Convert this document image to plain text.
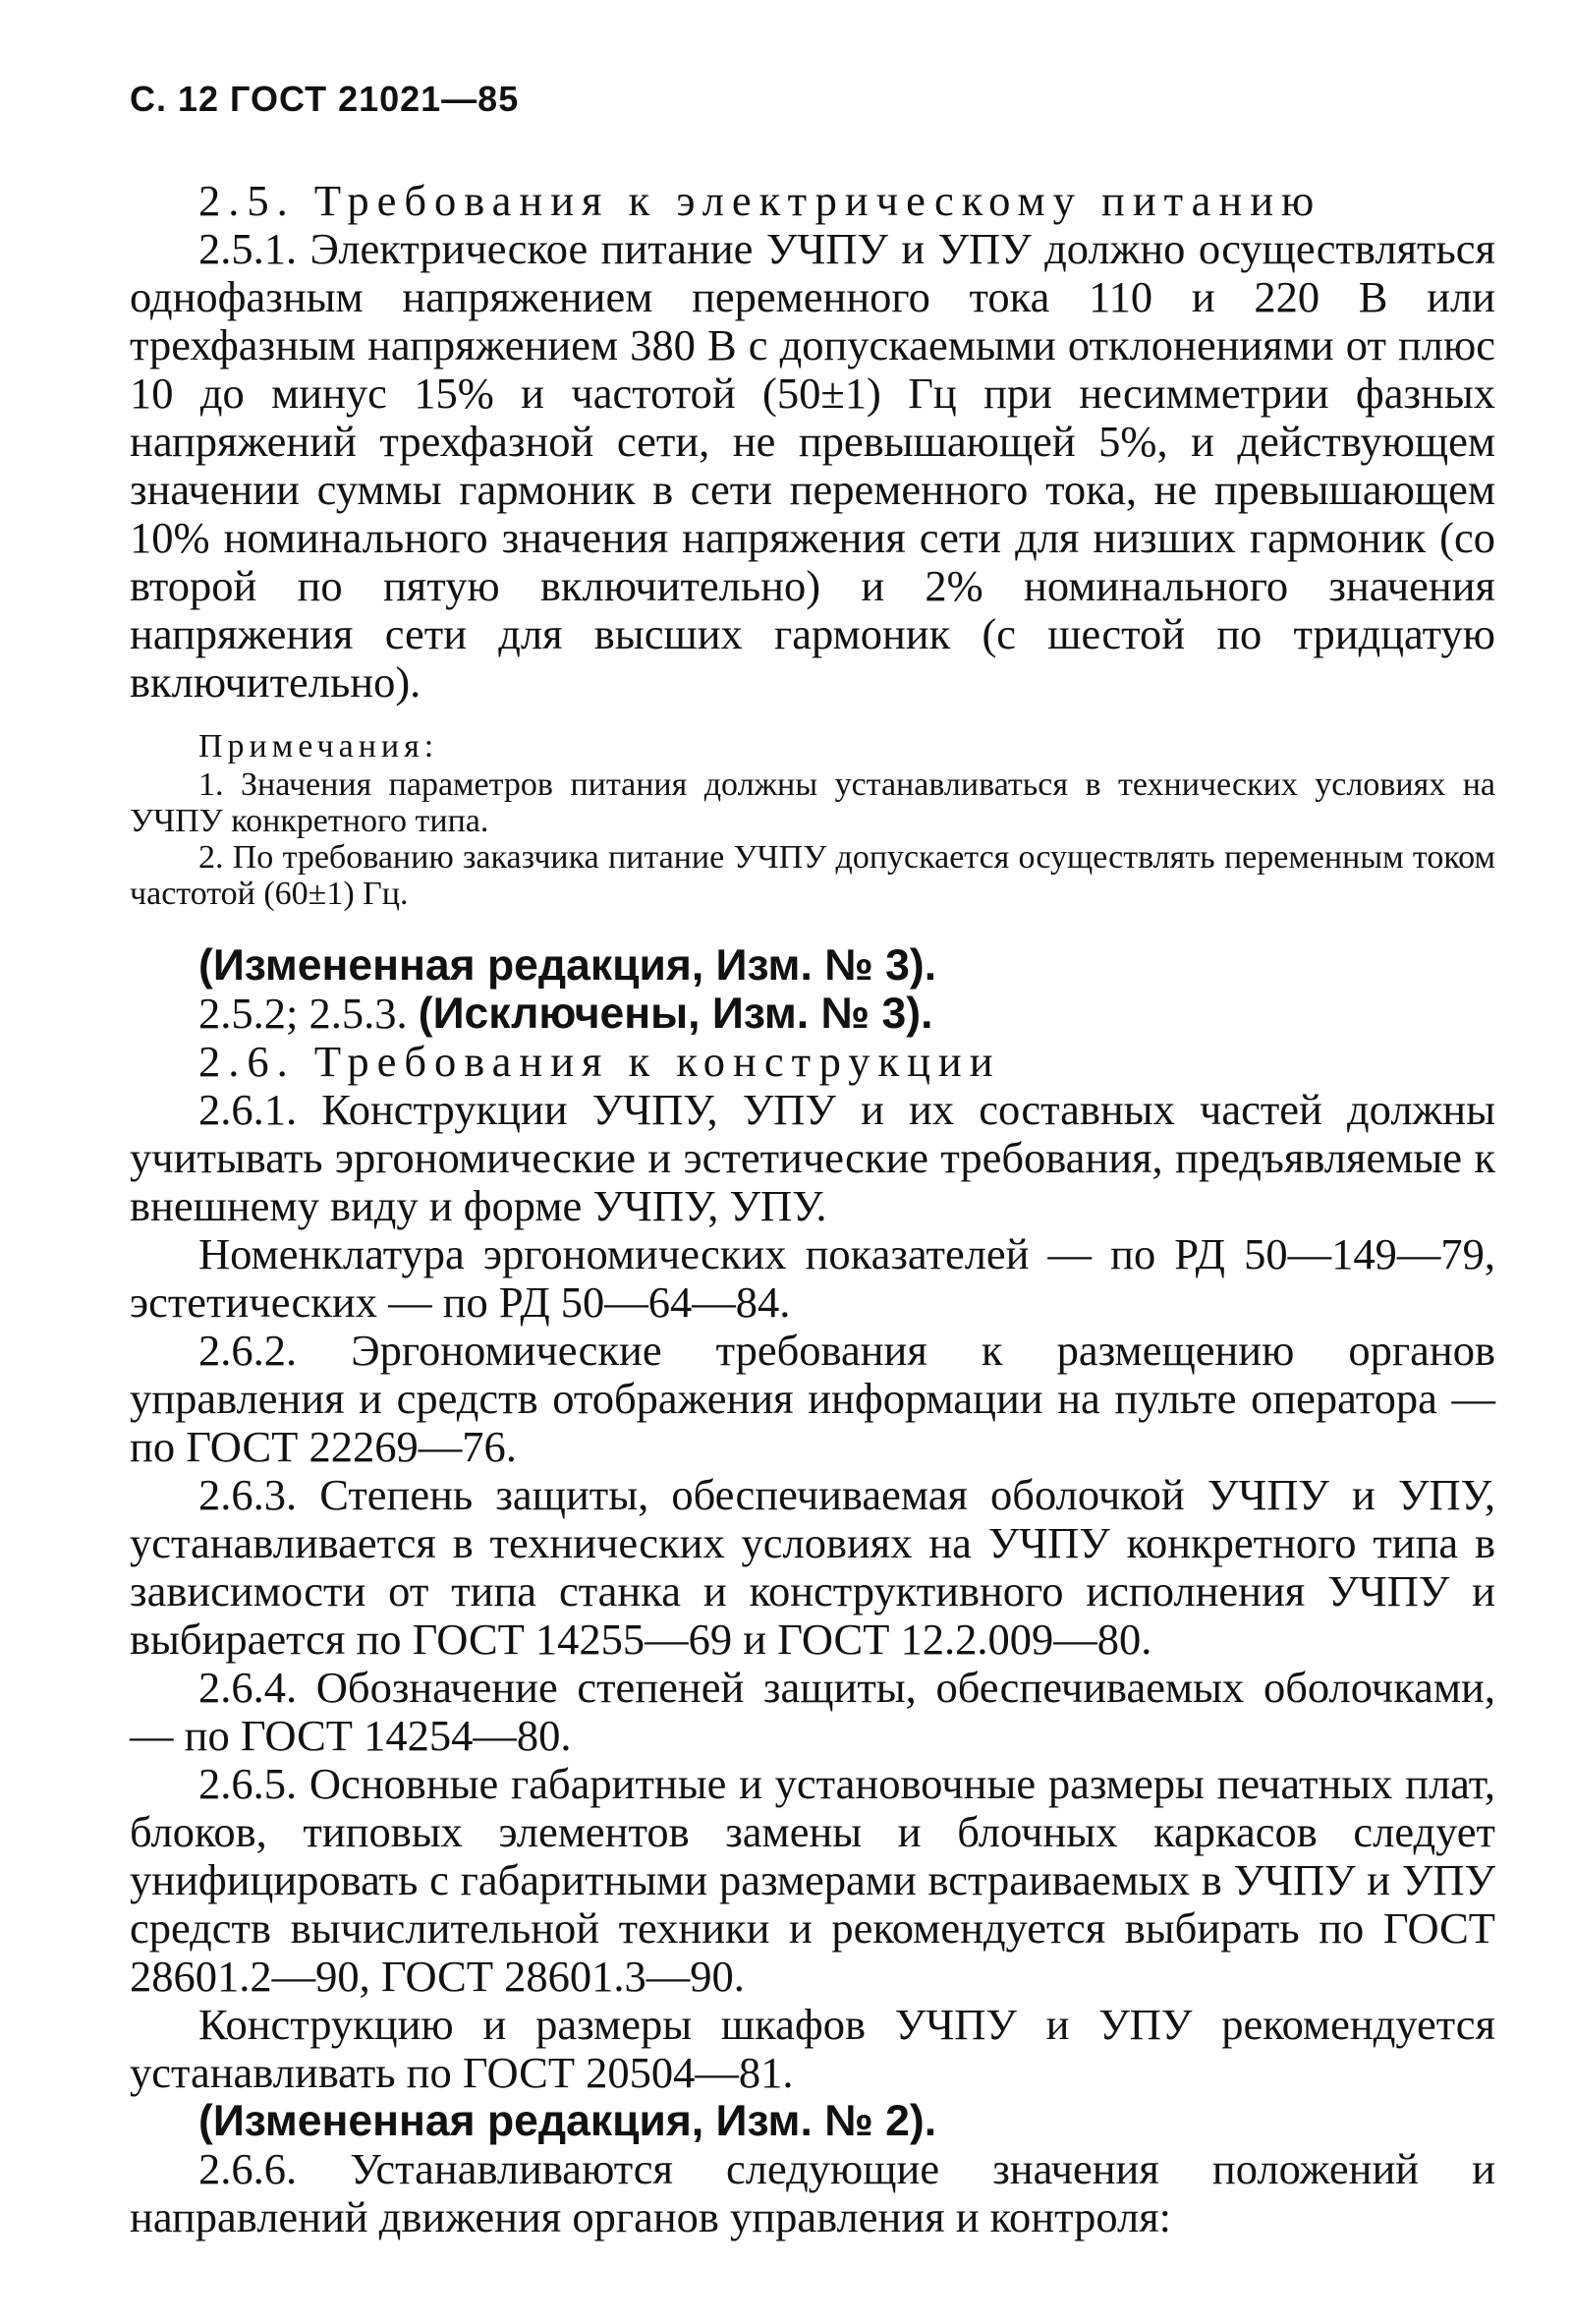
С. 12 ГОСТ 21021—85

2.5. Требования к электрическому питанию

2.5.1. Электрическое питание УЧПУ и УПУ должно осуществляться однофазным напряжением переменного тока 110 и 220 В или трехфазным напряжением 380 В с допускаемыми отклонениями от плюс 10 до минус 15% и частотой (50±1) Гц при несимметрии фазных напряжений трехфазной сети, не превышающей 5%, и действующем значении суммы гармоник в сети переменного тока, не превышающем 10% номинального значения напряжения сети для низших гармоник (со второй по пятую включительно) и 2% номинального значения напряжения сети для высших гармоник (с шестой по тридцатую включительно).

Примечания:

1. Значения параметров питания должны устанавливаться в технических условиях на УЧПУ конкретного типа.

2. По требованию заказчика питание УЧПУ допускается осуществлять переменным током частотой (60±1) Гц.

(Измененная редакция, Изм. № 3).

2.5.2; 2.5.3. (Исключены, Изм. № 3).

2.6. Требования к конструкции

2.6.1. Конструкции УЧПУ, УПУ и их составных частей должны учитывать эргономические и эстетические требования, предъявляемые к внешнему виду и форме УЧПУ, УПУ.

Номенклатура эргономических показателей — по РД 50—149—79, эстетических — по РД 50—64—84.

2.6.2. Эргономические требования к размещению органов управления и средств отображения информации на пульте оператора — по ГОСТ 22269—76.

2.6.3. Степень защиты, обеспечиваемая оболочкой УЧПУ и УПУ, устанавливается в технических условиях на УЧПУ конкретного типа в зависимости от типа станка и конструктивного исполнения УЧПУ и выбирается по ГОСТ 14255—69 и ГОСТ 12.2.009—80.

2.6.4. Обозначение степеней защиты, обеспечиваемых оболочками, — по ГОСТ 14254—80.

2.6.5. Основные габаритные и установочные размеры печатных плат, блоков, типовых элементов замены и блочных каркасов следует унифицировать с габаритными размерами встраиваемых в УЧПУ и УПУ средств вычислительной техники и рекомендуется выбирать по ГОСТ 28601.2—90, ГОСТ 28601.3—90.

Конструкцию и размеры шкафов УЧПУ и УПУ рекомендуется устанавливать по ГОСТ 20504—81.

(Измененная редакция, Изм. № 2).

2.6.6. Устанавливаются следующие значения положений и направлений движения органов управления и контроля:
